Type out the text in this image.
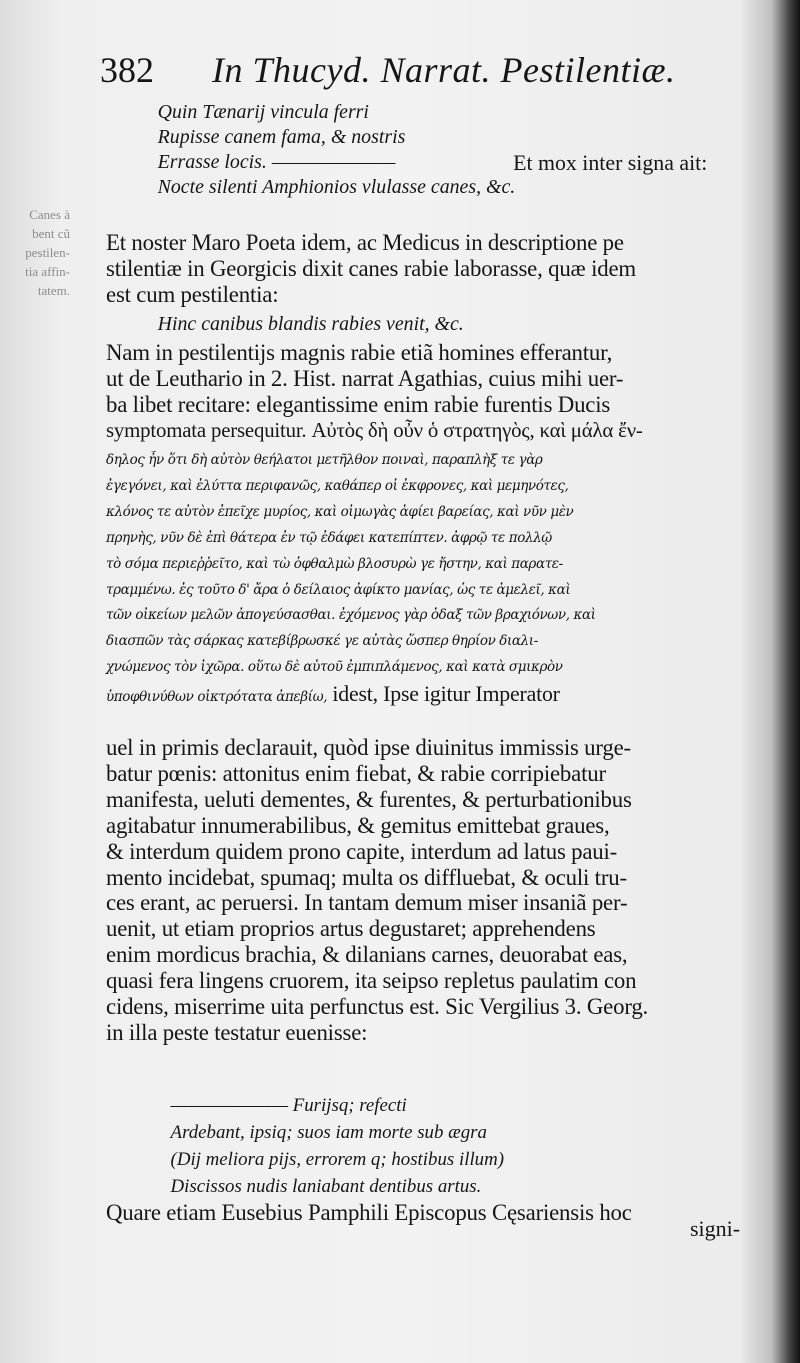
Canes à
bent cũ
pestilen-
tia affin-
tatem.
382 In Thucyd. Narrat. Pestilentiæ.
Quin Tænarij vincula ferri
Rupisse canem fama, & nostris
Errasse locis. ———————	Et mox inter signa ait:
Nocte silenti Amphionios vlulasse canes, &c.
Et noster Maro Poeta idem, ac Medicus in descriptione pe
stilentiæ in Georgicis dixit canes rabie laborasse, quæ idem
est cum pestilentia:
Hinc canibus blandis rabies venit, &c.
Nam in pestilentijs magnis rabie etiã homines efferantur,
ut de Leuthario in 2. Hist. narrat Agathias, cuius mihi uer-
ba libet recitare: elegantissime enim rabie furentis Ducis
symptomata persequitur. Αὐτὸς δὴ οὖν ὁ στρατηγὸς, καὶ μάλα ἔν-
δηλος ἦν ὅτι δὴ αὐτὸν θεήλατοι μετῆλθον ποιναὶ, παραπλὴξ τε γὰρ
ἐγεγόνει, καὶ ἐλύττα περιφανῶς, καθάπερ οἱ ἐκφρονες, καὶ μεμηνότες,
κλόνος τε αὐτὸν ἐπεῖχε μυρίος, καὶ οἰμωγὰς ἀφίει βαρείας, καὶ νῦν μὲν
πρηνὴς, νῦν δὲ ἐπὶ θάτερα ἐν τῷ ἐδάφει κατεπίπτεν. ἀφρῷ τε πολλῷ
τὸ σόμα περιεῤῥεῖτο, καὶ τὼ ὀφθαλμὼ βλοσυρὼ γε ἤστην, καὶ παρατε-
τραμμένω. ἐς τοῦτο δ' ἄρα ὁ δείλαιος ἀφίκτο μανίας, ὡς τε ἀμελεῖ, καὶ
τῶν οἰκείων μελῶν ἀπογεύσασθαι. ἐχόμενος γὰρ ὀδαξ τῶν βραχιόνων, καὶ
διασπῶν τὰς σάρκας κατεβίβρωσκέ γε αὐτὰς ὥσπερ θηρίον διαλι-
χνώμενος τὸν ἰχῶρα. οὕτω δὲ αὐτοῦ ἐμπιπλάμενος, καὶ κατὰ σμικρὸν
ὑποφθινύθων οἰκτρότατα ἀπεβίω, idest, Ipse igitur Imperator
uel in primis declarauit, quòd ipse diuinitus immissis urge-
batur pœnis: attonitus enim fiebat, & rabie corripiebatur
manifesta, ueluti dementes, & furentes, & perturbationibus
agitabatur innumerabilibus, & gemitus emittebat graues,
& interdum quidem prono capite, interdum ad latus paui-
mento incidebat, spumaq; multa os diffluebat, & oculi tru-
ces erant, ac peruersi. In tantam demum miser insaniã per-
uenit, ut etiam proprios artus degustaret; apprehendens
enim mordicus brachia, & dilanians carnes, deuorabat eas,
quasi fera lingens cruorem, ita seipso repletus paulatim con
cidens, miserrime uita perfunctus est. Sic Vergilius 3. Georg.
in illa peste testatur euenisse:
——————— Furijsq; refecti
Ardebant, ipsiq; suos iam morte sub ægra
(Dij meliora pijs, errorem q; hostibus illum)
Discissos nudis laniabant dentibus artus.
Quare etiam Eusebius Pamphili Episcopus Cęsariensis hoc
signi-
